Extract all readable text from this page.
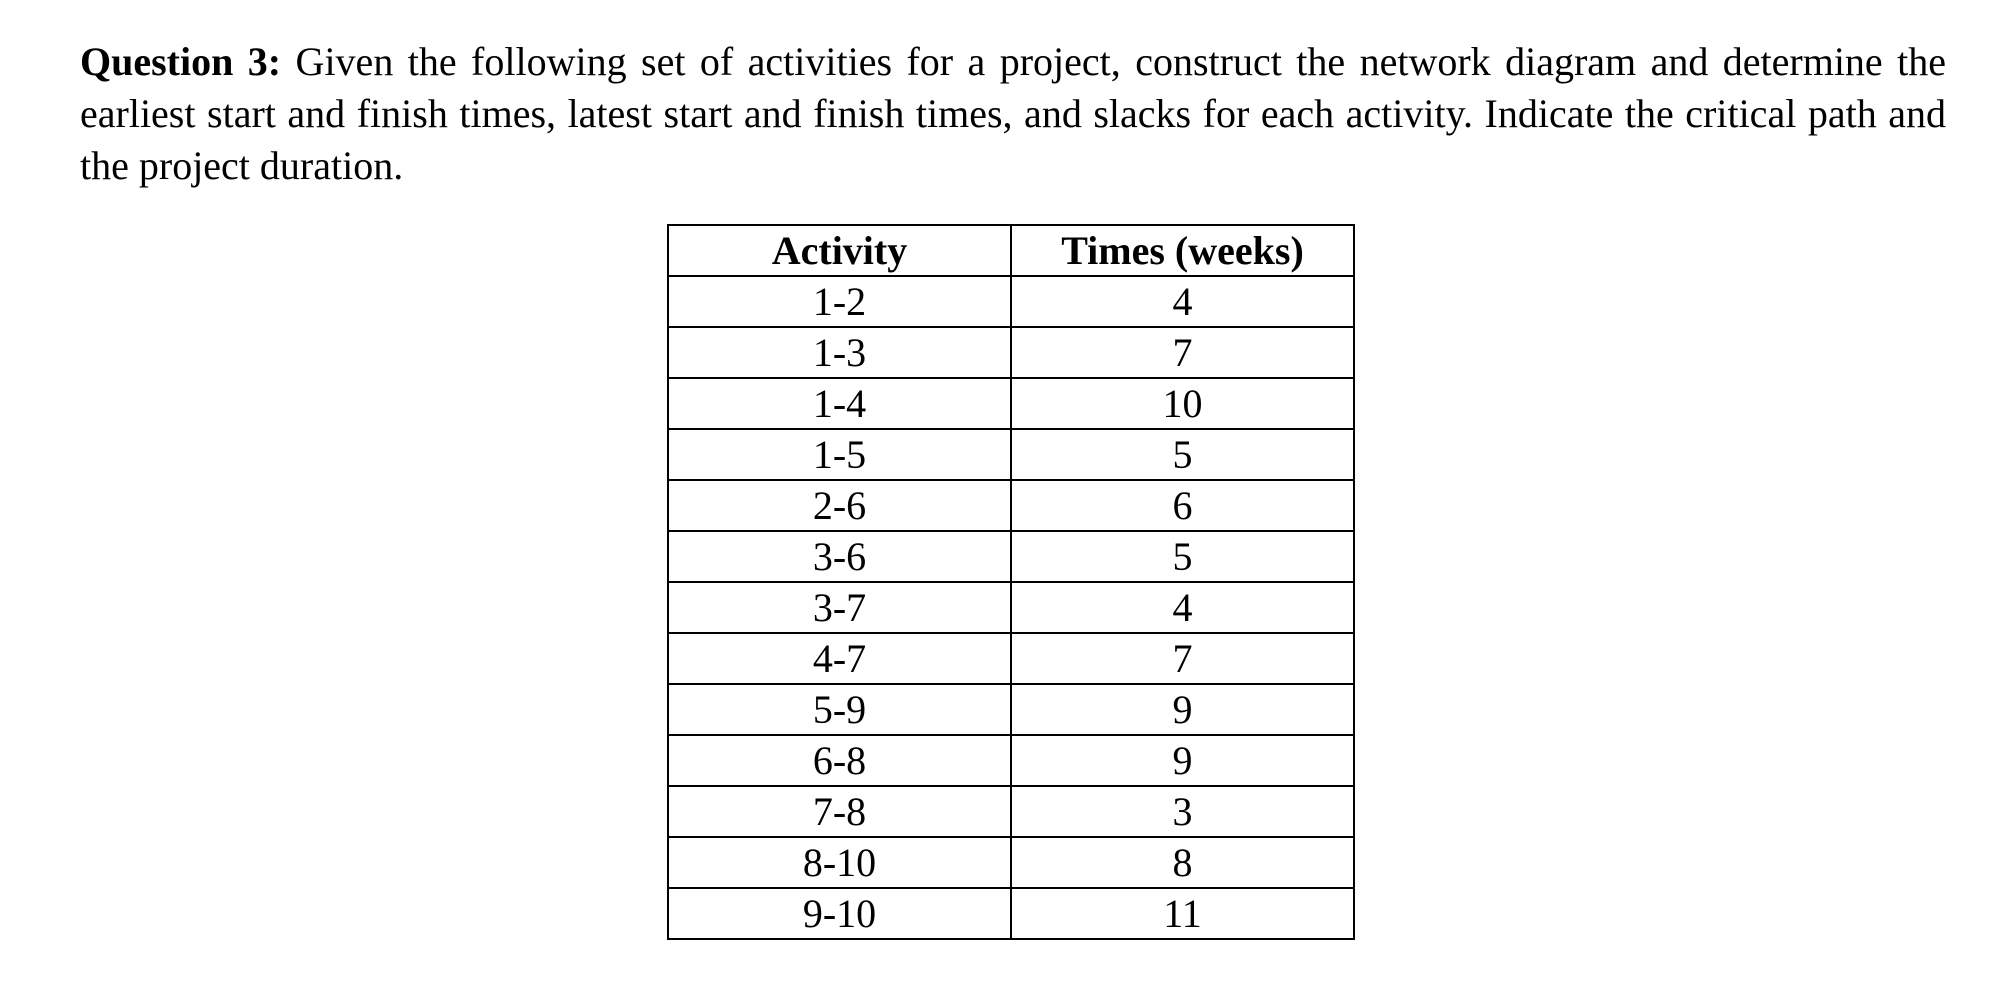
Question 3: Given the following set of activities for a project, construct the network diagram and determine the earliest start and finish times, latest start and finish times, and slacks for each activity. Indicate the critical path and the project duration.
Activity	Times (weeks)
1-2	4
1-3	7
1-4	10
1-5	5
2-6	6
3-6	5
3-7	4
4-7	7
5-9	9
6-8	9
7-8	3
8-10	8
9-10	11
